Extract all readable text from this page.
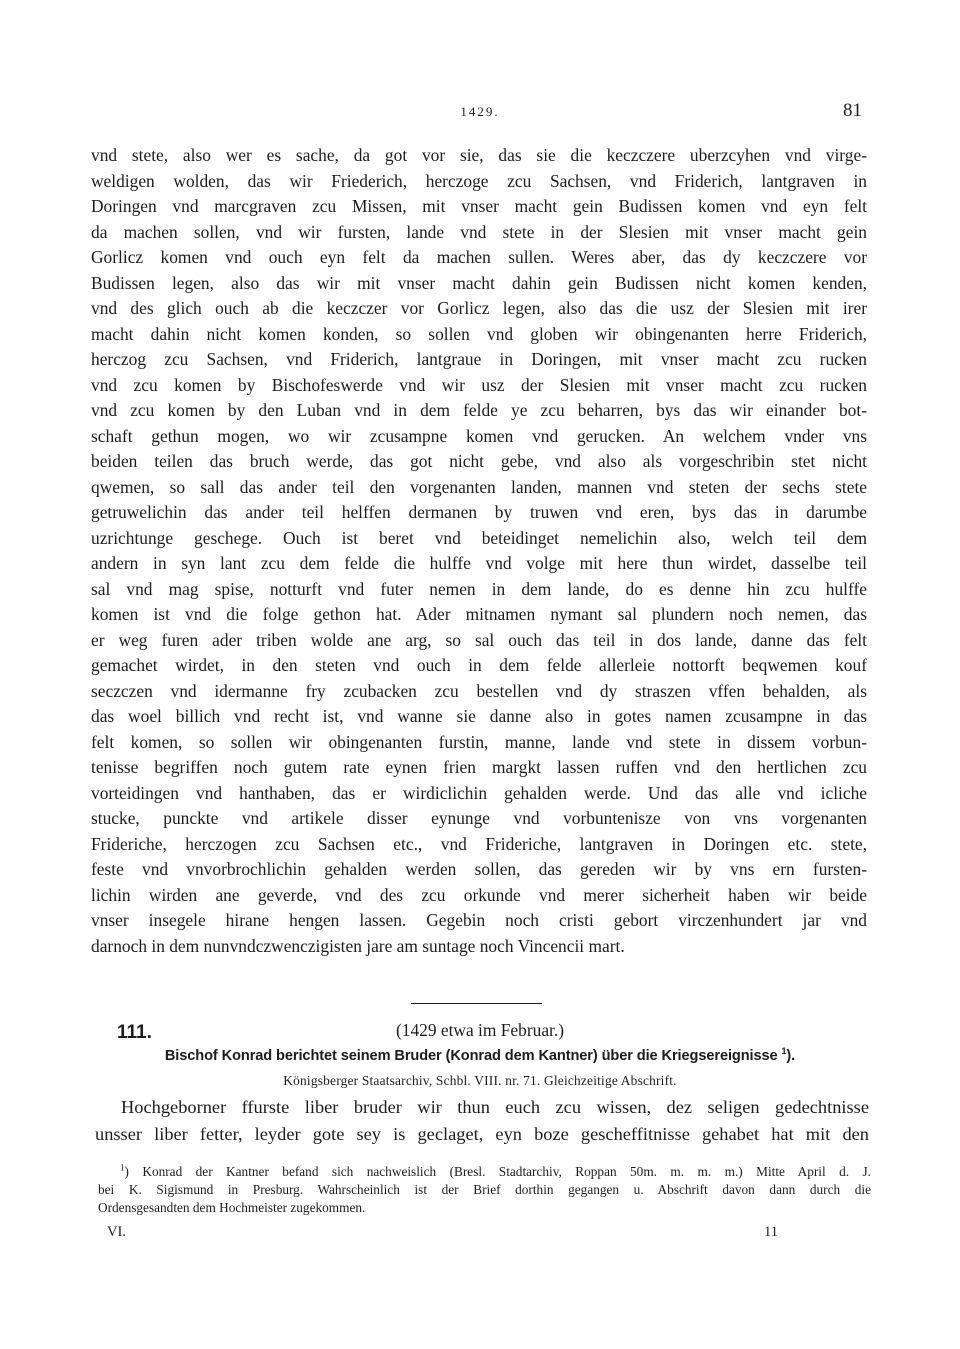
1429.	81
vnd stete, also wer es sache, da got vor sie, das sie die keczczere uberzcyhen vnd virge-
weldigen wolden, das wir Friederich, herczoge zcu Sachsen, vnd Friderich, lantgraven in
Doringen vnd marcgraven zcu Missen, mit vnser macht gein Budissen komen vnd eyn felt
da machen sollen, vnd wir fursten, lande vnd stete in der Slesien mit vnser macht gein
Gorlicz komen vnd ouch eyn felt da machen sullen. Weres aber, das dy keczczere vor
Budissen legen, also das wir mit vnser macht dahin gein Budissen nicht komen kenden,
vnd des glich ouch ab die keczczer vor Gorlicz legen, also das die usz der Slesien mit irer
macht dahin nicht komen konden, so sollen vnd globen wir obingenanten herre Friderich,
herczog zcu Sachsen, vnd Friderich, lantgraue in Doringen, mit vnser macht zcu rucken
vnd zcu komen by Bischofeswerde vnd wir usz der Slesien mit vnser macht zcu rucken
vnd zcu komen by den Luban vnd in dem felde ye zcu beharren, bys das wir einander bot-
schaft gethun mogen, wo wir zcusampne komen vnd gerucken. An welchem vnder vns
beiden teilen das bruch werde, das got nicht gebe, vnd also als vorgeschribin stet nicht
qwemen, so sall das ander teil den vorgenanten landen, mannen vnd steten der sechs stete
getruwelichin das ander teil helffen dermanen by truwen vnd eren, bys das in darumbe
uzrichtunge geschege. Ouch ist beret vnd beteidinget nemelichin also, welch teil dem
andern in syn lant zcu dem felde die hulffe vnd volge mit here thun wirdet, dasselbe teil
sal vnd mag spise, notturft vnd futer nemen in dem lande, do es denne hin zcu hulffe
komen ist vnd die folge gethon hat. Ader mitnamen nymant sal plundern noch nemen, das
er weg furen ader triben wolde ane arg, so sal ouch das teil in dos lande, danne das felt
gemachet wirdet, in den steten vnd ouch in dem felde allerleie nottorft beqwemen kouf
seczczen vnd idermanne fry zcubacken zcu bestellen vnd dy straszen vffen behalden, als
das woel billich vnd recht ist, vnd wanne sie danne also in gotes namen zcusampne in das
felt komen, so sollen wir obingenanten furstin, manne, lande vnd stete in dissem vorbun-
tenisse begriffen noch gutem rate eynen frien margkt lassen ruffen vnd den hertlichen zcu
vorteidingen vnd hanthaben, das er wirdiclichin gehalden werde. Und das alle vnd icliche
stucke, punckte vnd artikele disser eynunge vnd vorbuntenisze von vns vorgenanten
Frideriche, herczogen zcu Sachsen etc., vnd Frideriche, lantgraven in Doringen etc. stete,
feste vnd vnvorbrochlichin gehalden werden sollen, das gereden wir by vns ern fursten-
lichin wirden ane geverde, vnd des zcu orkunde vnd merer sicherheit haben wir beide
vnser insegele hirane hengen lassen. Gegebin noch cristi gebort virczenhundert jar vnd
darnoch in dem nunvndczwenczigisten jare am suntage noch Vincencii mart.
111.	(1429 etwa im Februar.)
Bischof Konrad berichtet seinem Bruder (Konrad dem Kantner) über die Kriegsereignisse $^1$).
Königsberger Staatsarchiv, Schbl. VIII. nr. 71. Gleichzeitige Abschrift.
Hochgeborner ffurste liber bruder wir thun euch zcu wissen, dez seligen gedechtnisse
unsser liber fetter, leyder gote sey is geclaget, eyn boze gescheffitnisse gehabet hat mit den
$^1$) Konrad der Kantner befand sich nachweislich (Bresl. Stadtarchiv, Roppan 50m. m. m. m.) Mitte April d. J.
bei K. Sigismund in Presburg. Wahrscheinlich ist der Brief dorthin gegangen u. Abschrift davon dann durch die
Ordensgesandten dem Hochmeister zugekommen.
VI.	11
